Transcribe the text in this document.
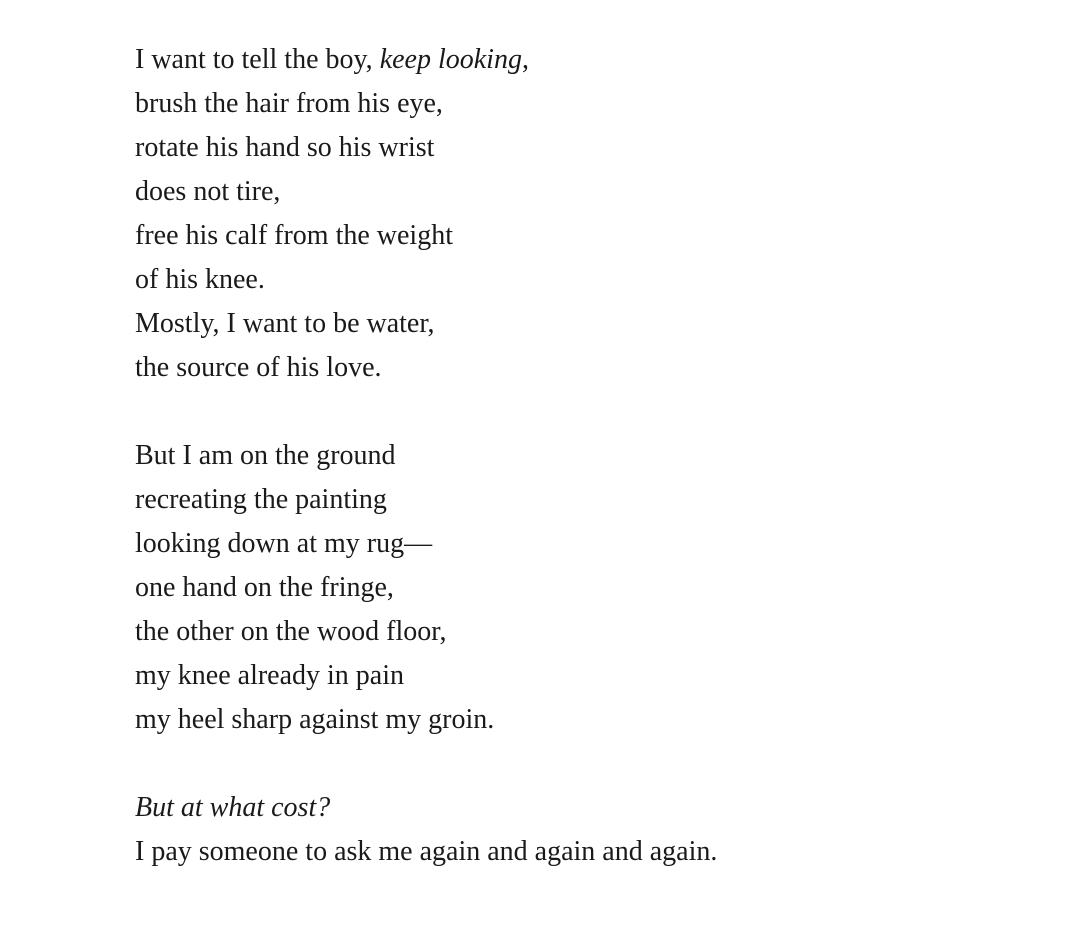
I want to tell the boy, keep looking,

brush the hair from his eye,

rotate his hand so his wrist

does not tire,

free his calf from the weight

of his knee.

Mostly, I want to be water,

the source of his love.

But I am on the ground

recreating the painting

looking down at my rug—

one hand on the fringe,

the other on the wood floor,

my knee already in pain

my heel sharp against my groin.

But at what cost?

I pay someone to ask me again and again and again.
